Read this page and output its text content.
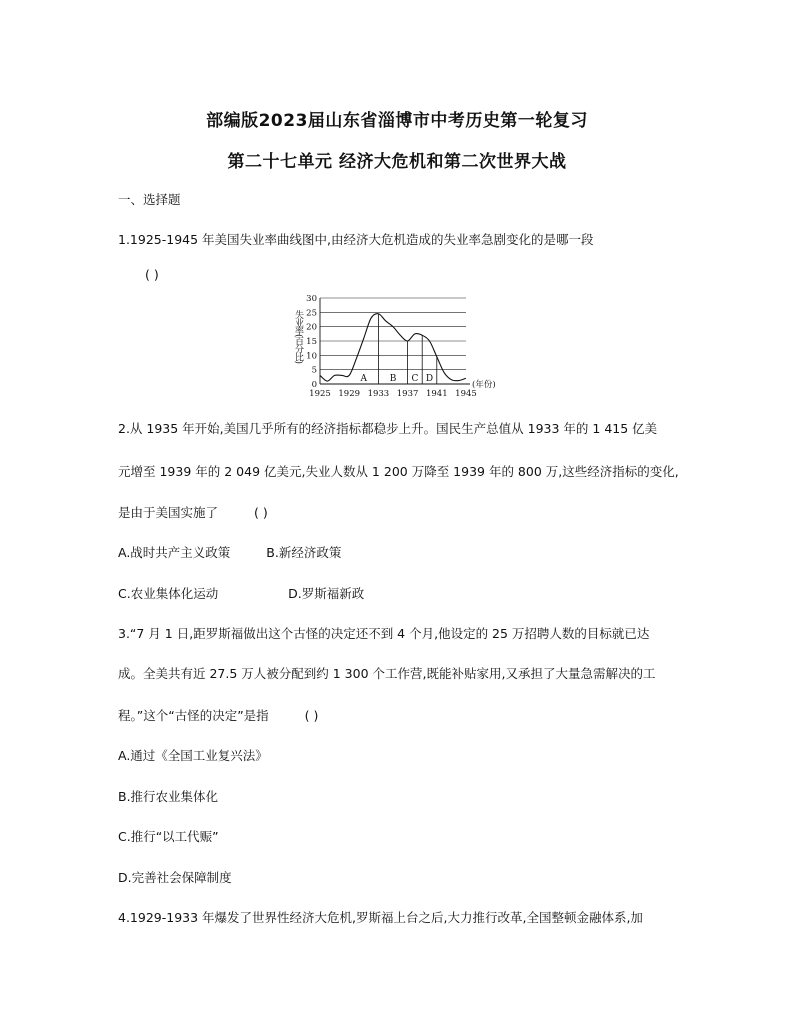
部编版2023届山东省淄博市中考历史第一轮复习
第二十七单元 经济大危机和第二次世界大战
一、选择题
1.1925-1945 年美国失业率曲线图中,由经济大危机造成的失业率急剧变化的是哪一段
( )
0
5
10
15
20
25
30
1925 1929 1933 1937 1941 1945
A	B C D
失业率(百分比)
(年份)
2.从 1935 年开始,美国几乎所有的经济指标都稳步上升。国民生产总值从 1933 年的 1 415 亿美
元增至 1939 年的 2 049 亿美元,失业人数从 1 200 万降至 1939 年的 800 万,这些经济指标的变化,
是由于美国实施了	( )
A.战时共产主义政策	B.新经济政策
C.农业集体化运动	D.罗斯福新政
3.“7 月 1 日,距罗斯福做出这个古怪的决定还不到 4 个月,他设定的 25 万招聘人数的目标就已达
成。全美共有近 27.5 万人被分配到约 1 300 个工作营,既能补贴家用,又承担了大量急需解决的工
程。”这个“古怪的决定”是指	( )
A.通过《全国工业复兴法》
B.推行农业集体化
C.推行“以工代赈”
D.完善社会保障制度
4.1929-1933 年爆发了世界性经济大危机,罗斯福上台之后,大力推行改革,全国整顿金融体系,加
